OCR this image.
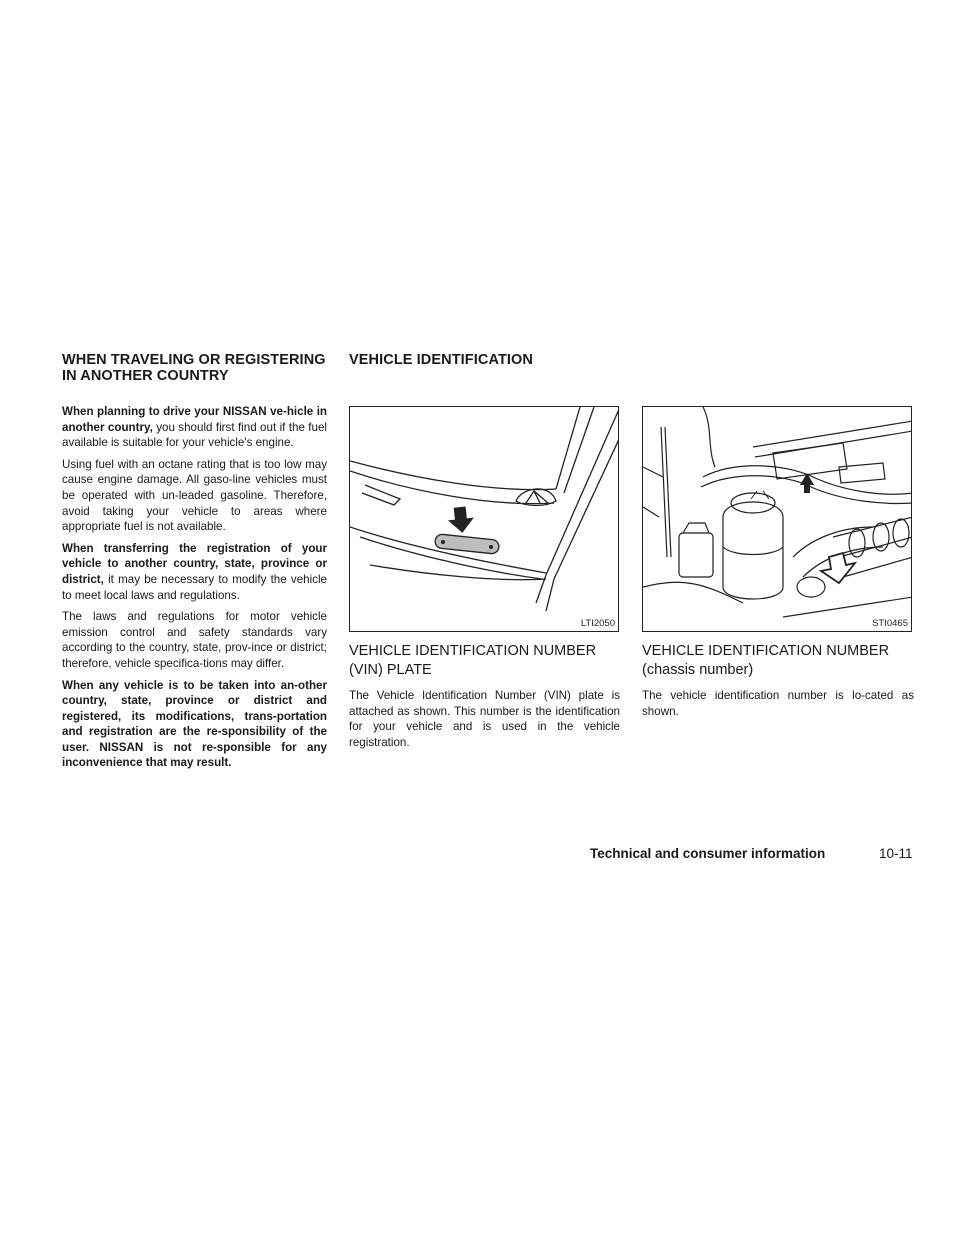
WHEN TRAVELING OR REGISTERING
IN ANOTHER COUNTRY

When planning to drive your NISSAN ve-hicle in another country, you should first find out if the fuel available is suitable for your vehicle's engine.

Using fuel with an octane rating that is too low may cause engine damage. All gaso-line vehicles must be operated with un-leaded gasoline. Therefore, avoid taking your vehicle to areas where appropriate fuel is not available.

When transferring the registration of your vehicle to another country, state, province or district, it may be necessary to modify the vehicle to meet local laws and regulations.

The laws and regulations for motor vehicle emission control and safety standards vary according to the country, state, prov-ince or district; therefore, vehicle specifica-tions may differ.

When any vehicle is to be taken into an-other country, state, province or district and registered, its modifications, trans-portation and registration are the re-sponsibility of the user. NISSAN is not re-sponsible for any inconvenience that may result.

VEHICLE IDENTIFICATION
LTI2050
VEHICLE IDENTIFICATION NUMBER (VIN) PLATE

The Vehicle Identification Number (VIN) plate is attached as shown. This number is the identification for your vehicle and is used in the vehicle registration.

STI0465
VEHICLE IDENTIFICATION NUMBER (chassis number)

The vehicle identification number is lo-cated as shown.

Technical and consumer information	10-11
